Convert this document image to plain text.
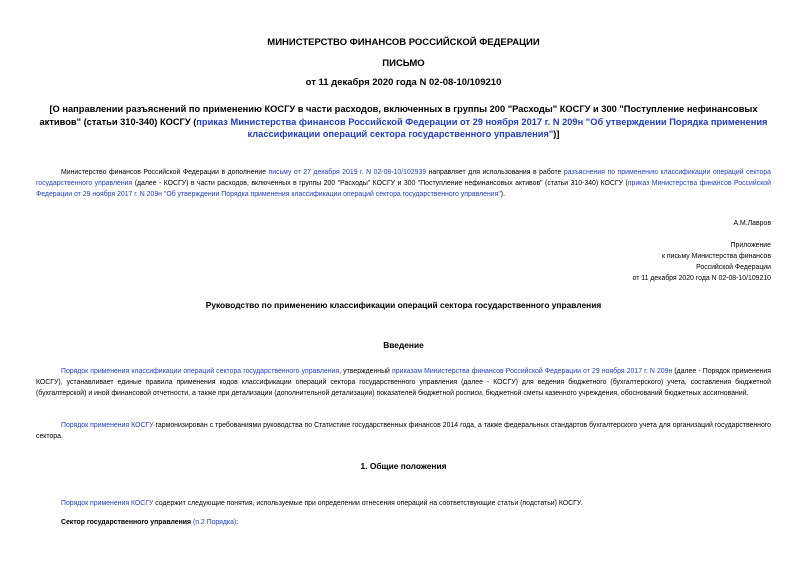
МИНИСТЕРСТВО ФИНАНСОВ РОССИЙСКОЙ ФЕДЕРАЦИИ
ПИСЬМО
от 11 декабря 2020 года N 02-08-10/109210
[О направлении разъяснений по применению КОСГУ в части расходов, включенных в группы 200 "Расходы" КОСГУ и 300 "Поступление нефинансовых активов" (статьи 310-340) КОСГУ (приказ Министерства финансов Российской Федерации от 29 ноября 2017 г. N 209н "Об утверждении Порядка применения классификации операций сектора государственного управления")]
Министерство финансов Российской Федерации в дополнение письму от 27 декабря 2019 г. N 02-08-10/102939 направляет для использования в работе разъяснения по применению классификации операций сектора государственного управления (далее - КОСГУ) в части расходов, включенных в группы 200 "Расходы" КОСГУ и 300 "Поступление нефинансовых активов" (статьи 310-340) КОСГУ (приказ Министерства финансов Российской Федерации от 29 ноября 2017 г. N 209н "Об утверждении Порядка применения классификации операций сектора государственного управления").
А.М.Лавров
Приложение
к письму Министерства финансов
Российской Федерации
от 11 декабря 2020 года N 02-08-10/109210
Руководство по применению классификации операций сектора государственного управления
Введение
Порядок применения классификации операций сектора государственного управления, утвержденный приказом Министерства финансов Российской Федерации от 29 ноября 2017 г. N 209н (далее - Порядок применения КОСГУ), устанавливает единые правила применения кодов классификации операций сектора государственного управления (далее - КОСГУ) для ведения бюджетного (бухгалтерского) учета, составления бюджетной (бухгалтерской) и иной финансовой отчетности, а также при детализации (дополнительной детализации) показателей бюджетной росписи, бюджетной сметы казенного учреждения, обоснований бюджетных ассигнований.
Порядок применения КОСГУ гармонизирован с требованиями руководства по Статистике государственных финансов 2014 года, а также федеральных стандартов бухгалтерского учета для организаций государственного сектора.
1. Общие положения
Порядок применения КОСГУ содержит следующие понятия, используемые при определении отнесения операций на соответствующие статьи (подстатьи) КОСГУ.
Сектор государственного управления (п.2 Порядка):
